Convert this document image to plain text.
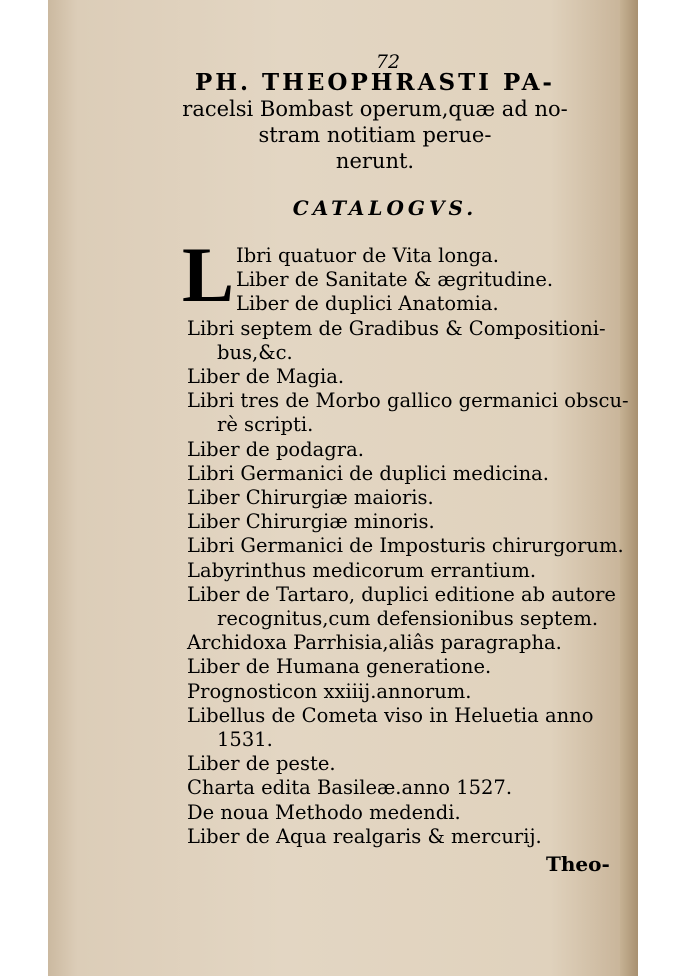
72
PH. THEOPHRASTI PA-
racelsi Bombast operum,quæ ad no-
stram notitiam perue-
nerunt.
CATALOGVS.
L Ibri quatuor de Vita longa.
Liber de Sanitate & ægritudine.
Liber de duplici Anatomia.
Libri septem de Gradibus & Compositioni-
bus,&c.
Liber de Magia.
Libri tres de Morbo gallico germanici obscu-
rè scripti.
Liber de podagra.
Libri Germanici de duplici medicina.
Liber Chirurgiæ maioris.
Liber Chirurgiæ minoris.
Libri Germanici de Imposturis chirurgorum.
Labyrinthus medicorum errantium.
Liber de Tartaro, duplici editione ab autore
recognitus,cum defensionibus septem.
Archidoxa Parrhisia,aliâs paragrapha.
Liber de Humana generatione.
Prognosticon xxiiij.annorum.
Libellus de Cometa viso in Heluetia anno
1531.
Liber de peste.
Charta edita Basileæ.anno 1527.
De noua Methodo medendi.
Liber de Aqua realgaris & mercurij.
Theo-
